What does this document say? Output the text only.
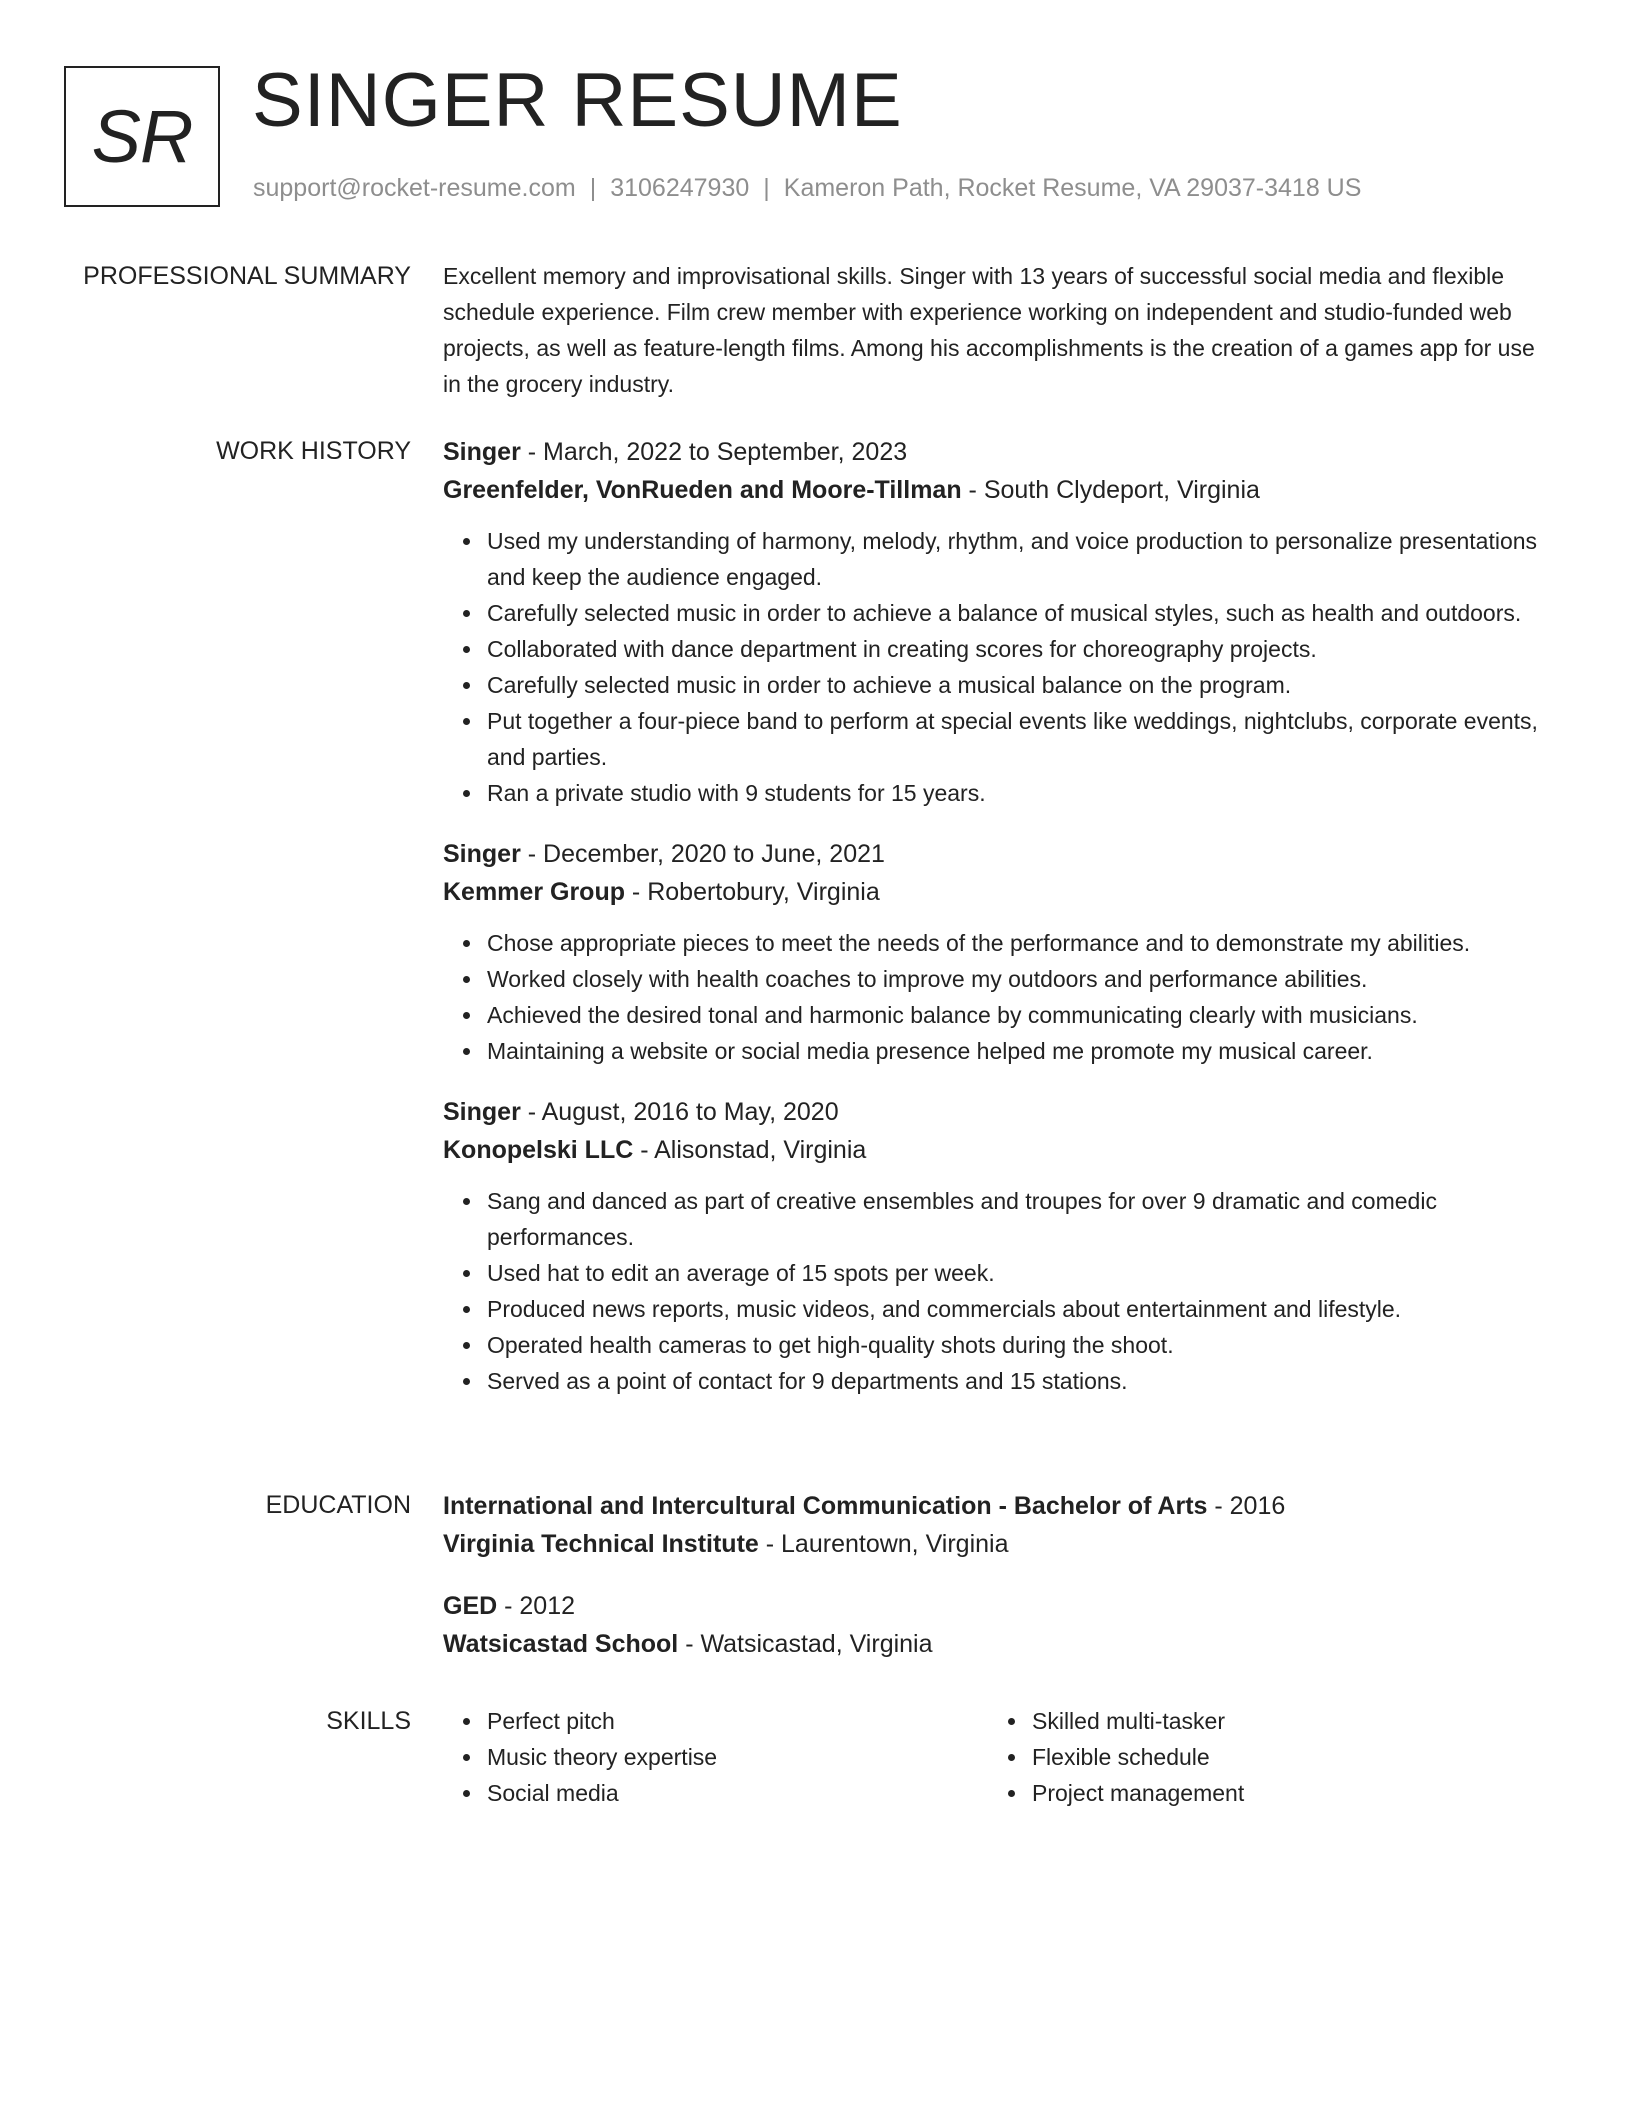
SR SINGER RESUME
support@rocket-resume.com | 3106247930 | Kameron Path, Rocket Resume, VA 29037-3418 US
PROFESSIONAL SUMMARY Excellent memory and improvisational skills. Singer with 13 years of successful social media and flexible schedule experience. Film crew member with experience working on independent and studio-funded web projects, as well as feature-length films. Among his accomplishments is the creation of a games app for use in the grocery industry.

WORK HISTORY Singer - March, 2022 to September, 2023
Greenfelder, VonRueden and Moore-Tillman - South Clydeport, Virginia
Used my understanding of harmony, melody, rhythm, and voice production to personalize presentations and keep the audience engaged.
Carefully selected music in order to achieve a balance of musical styles, such as health and outdoors.
Collaborated with dance department in creating scores for choreography projects.
Carefully selected music in order to achieve a musical balance on the program.
Put together a four-piece band to perform at special events like weddings, nightclubs, corporate events, and parties.
Ran a private studio with 9 students for 15 years.
Singer - December, 2020 to June, 2021
Kemmer Group - Robertobury, Virginia
Chose appropriate pieces to meet the needs of the performance and to demonstrate my abilities.
Worked closely with health coaches to improve my outdoors and performance abilities.
Achieved the desired tonal and harmonic balance by communicating clearly with musicians.
Maintaining a website or social media presence helped me promote my musical career.
Singer - August, 2016 to May, 2020
Konopelski LLC - Alisonstad, Virginia
Sang and danced as part of creative ensembles and troupes for over 9 dramatic and comedic performances.
Used hat to edit an average of 15 spots per week.
Produced news reports, music videos, and commercials about entertainment and lifestyle.
Operated health cameras to get high-quality shots during the shoot.
Served as a point of contact for 9 departments and 15 stations.
EDUCATION International and Intercultural Communication - Bachelor of Arts - 2016
Virginia Technical Institute - Laurentown, Virginia
GED - 2012
Watsicastad School - Watsicastad, Virginia
SKILLS	Perfect pitch
Music theory expertise
Social media
Skilled multi-tasker
Flexible schedule
Project management
